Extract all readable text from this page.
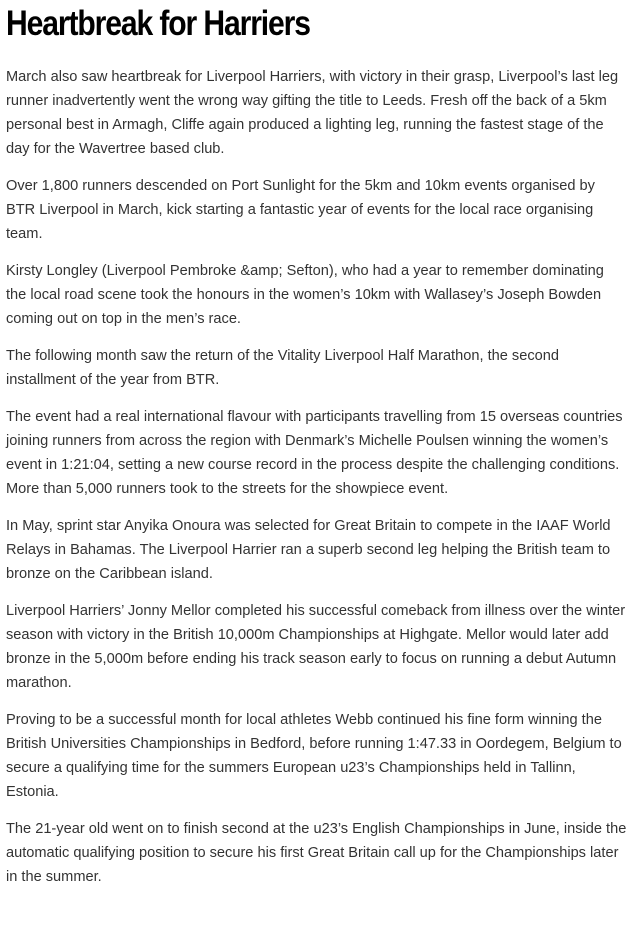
Heartbreak for Harriers

March also saw heartbreak for Liverpool Harriers, with victory in their grasp, Liverpool’s last leg runner inadvertently went the wrong way gifting the title to Leeds. Fresh off the back of a 5km personal best in Armagh, Cliffe again produced a lighting leg, running the fastest stage of the day for the Wavertree based club.

Over 1,800 runners descended on Port Sunlight for the 5km and 10km events organised by BTR Liverpool in March, kick starting a fantastic year of events for the local race organising team.

Kirsty Longley (Liverpool Pembroke &amp; Sefton), who had a year to remember dominating the local road scene took the honours in the women’s 10km with Wallasey’s Joseph Bowden coming out on top in the men’s race.

The following month saw the return of the Vitality Liverpool Half Marathon, the second installment of the year from BTR.

The event had a real international flavour with participants travelling from 15 overseas countries joining runners from across the region with Denmark’s Michelle Poulsen winning the women’s event in 1:21:04, setting a new course record in the process despite the challenging conditions. More than 5,000 runners took to the streets for the showpiece event.

In May, sprint star Anyika Onoura was selected for Great Britain to compete in the IAAF World Relays in Bahamas. The Liverpool Harrier ran a superb second leg helping the British team to bronze on the Caribbean island.

Liverpool Harriers’ Jonny Mellor completed his successful comeback from illness over the winter season with victory in the British 10,000m Championships at Highgate. Mellor would later add bronze in the 5,000m before ending his track season early to focus on running a debut Autumn marathon.

Proving to be a successful month for local athletes Webb continued his fine form winning the British Universities Championships in Bedford, before running 1:47.33 in Oordegem, Belgium to secure a qualifying time for the summers European u23’s Championships held in Tallinn, Estonia.

The 21-year old went on to finish second at the u23’s English Championships in June, inside the automatic qualifying position to secure his first Great Britain call up for the Championships later in the summer.
